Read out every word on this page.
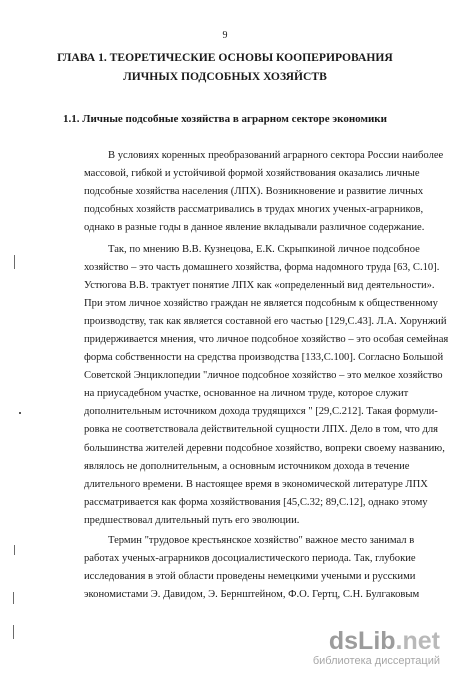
9
ГЛАВА 1. ТЕОРЕТИЧЕСКИЕ ОСНОВЫ КООПЕРИРОВАНИЯ
ЛИЧНЫХ ПОДСОБНЫХ ХОЗЯЙСТВ
1.1. Личные подсобные хозяйства в аграрном секторе экономики
В условиях коренных преобразований аграрного сектора России наиболее
массовой, гибкой и устойчивой формой хозяйствования оказались личные
подсобные хозяйства населения (ЛПХ). Возникновение и развитие личных
подсобных хозяйств рассматривались в трудах многих ученых-аграрников,
однако в разные годы в данное явление вкладывали различное содержание.
Так, по мнению В.В. Кузнецова, Е.К. Скрыпкиной личное подсобное
хозяйство – это часть домашнего хозяйства, форма надомного труда [63, С.10].
Устюгова В.В. трактует понятие ЛПХ как «определенный вид деятельности».
При этом личное хозяйство граждан не является подсобным к общественному
производству, так как является составной его частью [129,С.43]. Л.А. Хорунжий
придерживается мнения, что личное подсобное хозяйство – это особая семейная
форма собственности на средства производства [133,С.100]. Согласно Большой
Советской Энциклопедии "личное подсобное хозяйство – это мелкое хозяйство
на приусадебном участке, основанное на личном труде, которое служит
дополнительным источником дохода трудящихся " [29,С.212]. Такая формули-
ровка не соответствовала действительной сущности ЛПХ. Дело в том, что для
большинства жителей деревни подсобное хозяйство, вопреки своему названию,
являлось не дополнительным, а основным источником дохода в течение
длительного времени. В настоящее время в экономической литературе ЛПХ
рассматривается как форма хозяйствования [45,С.32; 89,С.12], однако этому
предшествовал длительный путь его эволюции.
Термин "трудовое крестьянское хозяйство" важное место занимал в
работах ученых-аграрников досоциалистического периода. Так, глубокие
исследования в этой области проведены немецкими учеными и русскими
экономистами Э. Давидом, Э. Бернштейном, Ф.О. Гертц, С.Н. Булгаковым
dsLib.net
библиотека диссертаций
